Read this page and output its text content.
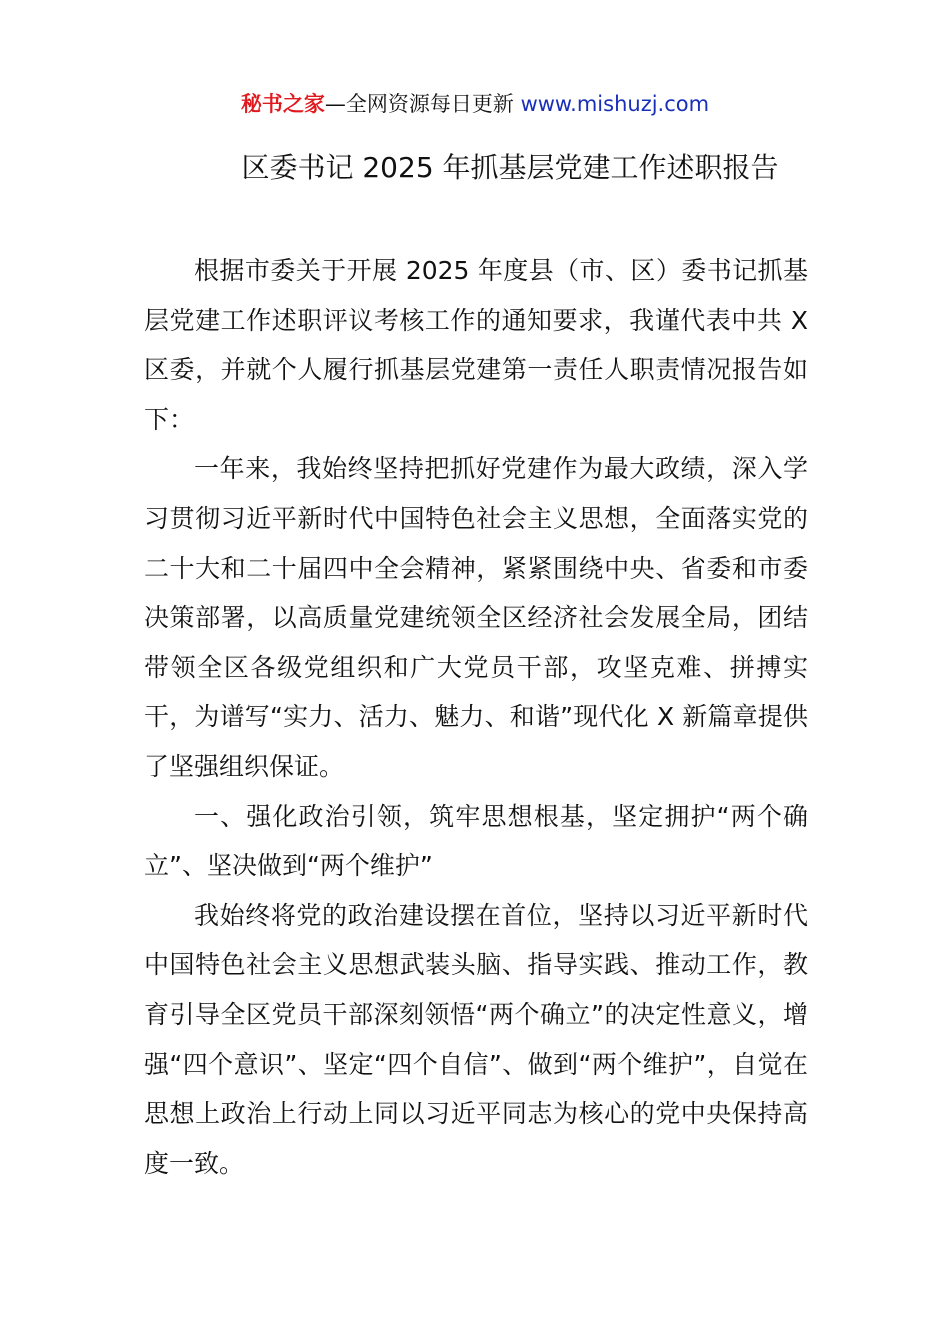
秘书之家—全网资源每日更新 www.mishuzj.com
区委书记 2025 年抓基层党建工作述职报告

根据市委关于开展 2025 年度县（市、区）委书记抓基层党建工作述职评议考核工作的通知要求，我谨代表中共 X 区委，并就个人履行抓基层党建第一责任人职责情况报告如下：

一年来，我始终坚持把抓好党建作为最大政绩，深入学习贯彻习近平新时代中国特色社会主义思想，全面落实党的二十大和二十届四中全会精神，紧紧围绕中央、省委和市委决策部署，以高质量党建统领全区经济社会发展全局，团结带领全区各级党组织和广大党员干部，攻坚克难、拼搏实干，为谱写“实力、活力、魅力、和谐”现代化 X 新篇章提供了坚强组织保证。

一、强化政治引领，筑牢思想根基，坚定拥护“两个确立”、坚决做到“两个维护”

我始终将党的政治建设摆在首位，坚持以习近平新时代中国特色社会主义思想武装头脑、指导实践、推动工作，教育引导全区党员干部深刻领悟“两个确立”的决定性意义，增强“四个意识”、坚定“四个自信”、做到“两个维护”，自觉在思想上政治上行动上同以习近平同志为核心的党中央保持高度一致。
